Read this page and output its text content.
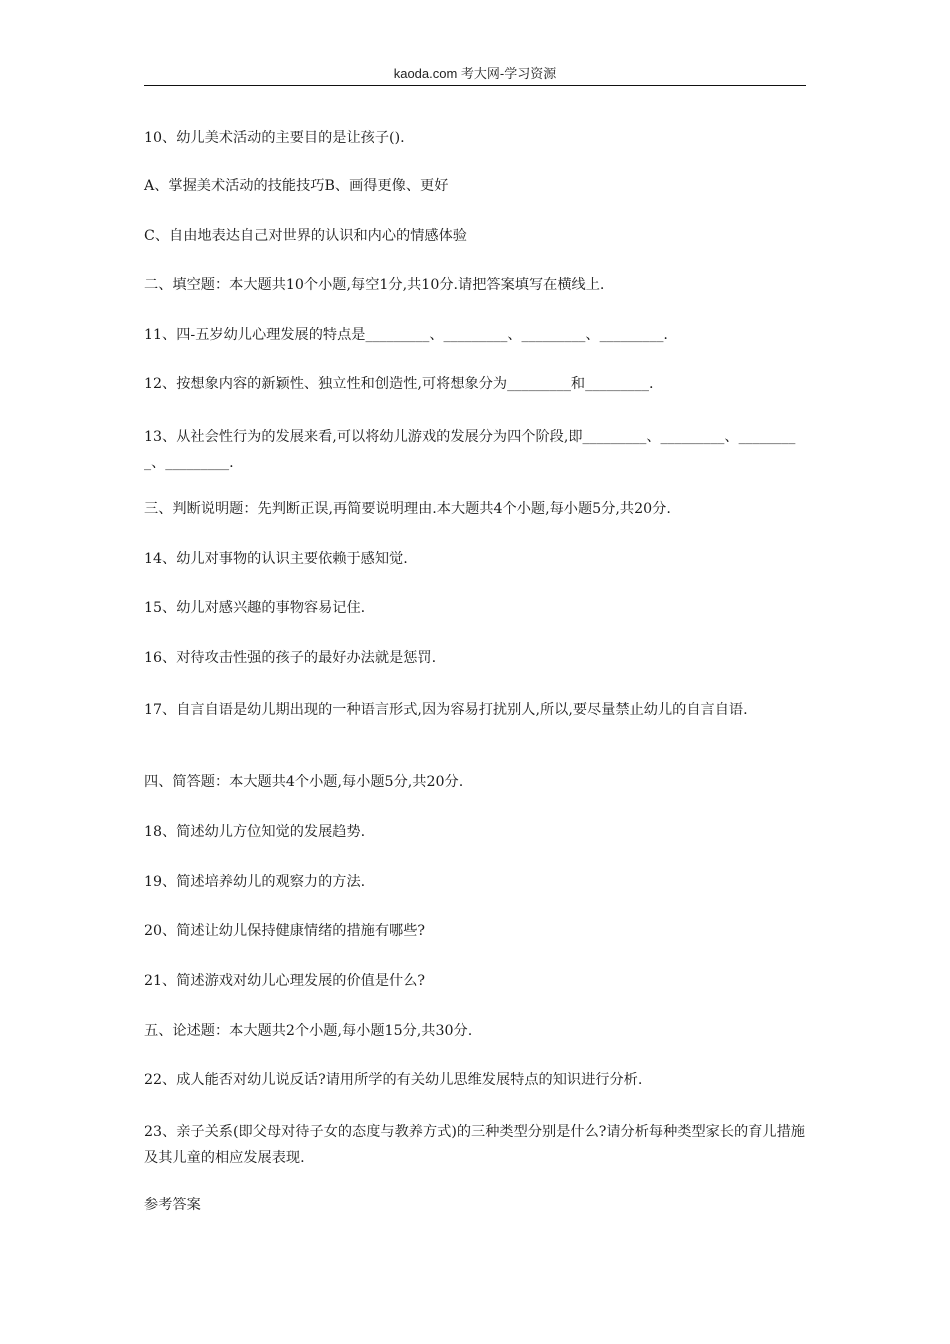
kaoda.com 考大网-学习资源
10、幼儿美术活动的主要目的是让孩子().
A、掌握美术活动的技能技巧B、画得更像、更好
C、自由地表达自己对世界的认识和内心的情感体验
二、填空题：本大题共10个小题,每空1分,共10分.请把答案填写在横线上.
11、四-五岁幼儿心理发展的特点是_________、_________、_________、_________.
12、按想象内容的新颖性、独立性和创造性,可将想象分为_________和_________.
13、从社会性行为的发展来看,可以将幼儿游戏的发展分为四个阶段,即_________、_________、_________、_________.
三、判断说明题：先判断正误,再简要说明理由.本大题共4个小题,每小题5分,共20分.
14、幼儿对事物的认识主要依赖于感知觉.
15、幼儿对感兴趣的事物容易记住.
16、对待攻击性强的孩子的最好办法就是惩罚.
17、自言自语是幼儿期出现的一种语言形式,因为容易打扰别人,所以,要尽量禁止幼儿的自言自语.
四、简答题：本大题共4个小题,每小题5分,共20分.
18、简述幼儿方位知觉的发展趋势.
19、简述培养幼儿的观察力的方法.
20、简述让幼儿保持健康情绪的措施有哪些?
21、简述游戏对幼儿心理发展的价值是什么?
五、论述题：本大题共2个小题,每小题15分,共30分.
22、成人能否对幼儿说反话?请用所学的有关幼儿思维发展特点的知识进行分析.
23、亲子关系(即父母对待子女的态度与教养方式)的三种类型分别是什么?请分析每种类型家长的育儿措施及其儿童的相应发展表现.
参考答案
